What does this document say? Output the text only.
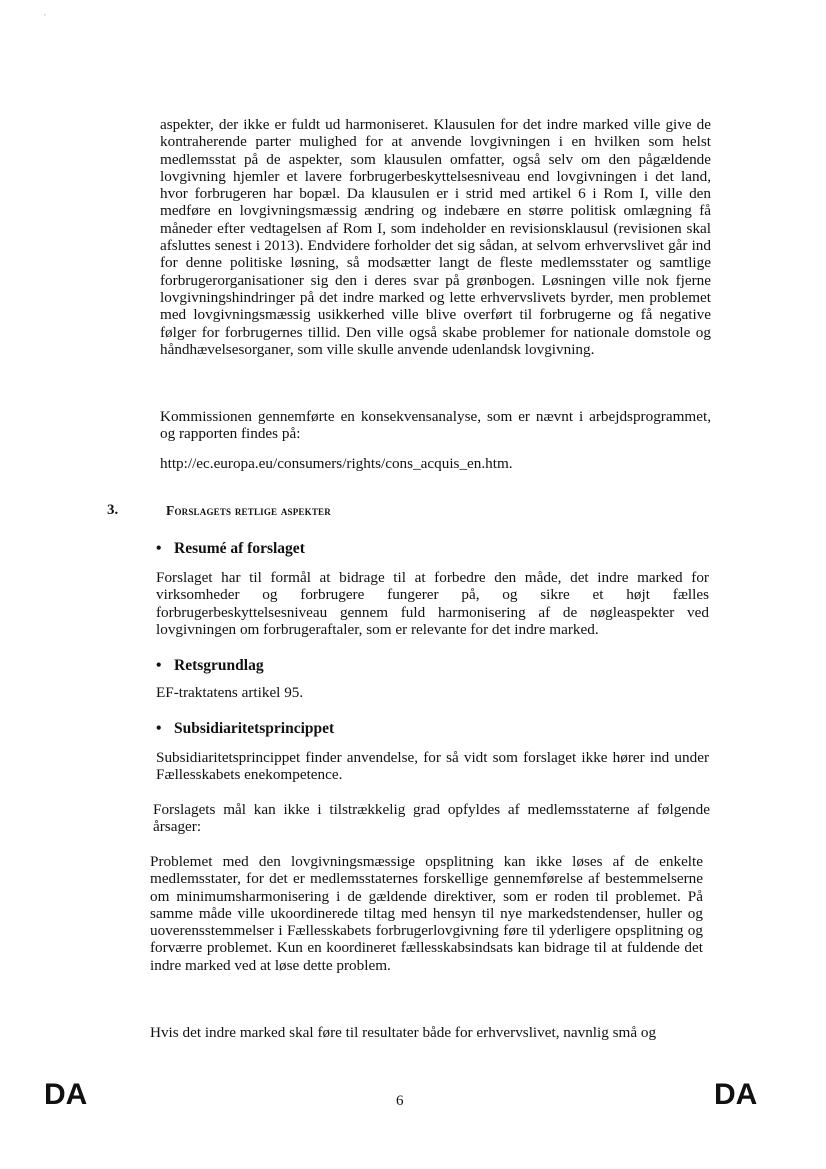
‘

aspekter, der ikke er fuldt ud harmoniseret. Klausulen for det indre marked ville give de kontraherende parter mulighed for at anvende lovgivningen i en hvilken som helst medlemsstat på de aspekter, som klausulen omfatter, også selv om den pågældende lovgivning hjemler et lavere forbrugerbeskyttelsesniveau end lovgivningen i det land, hvor forbrugeren har bopæl. Da klausulen er i strid med artikel 6 i Rom I, ville den medføre en lovgivningsmæssig ændring og indebære en større politisk omlægning få måneder efter vedtagelsen af Rom I, som indeholder en revisionsklausul (revisionen skal afsluttes senest i 2013). Endvidere forholder det sig sådan, at selvom erhvervslivet går ind for denne politiske løsning, så modsætter langt de fleste medlemsstater og samtlige forbrugerorganisationer sig den i deres svar på grønbogen. Løsningen ville nok fjerne lovgivningshindringer på det indre marked og lette erhvervslivets byrder, men problemet med lovgivningsmæssig usikkerhed ville blive overført til forbrugerne og få negative følger for forbrugernes tillid. Den ville også skabe problemer for nationale domstole og håndhævelsesorganer, som ville skulle anvende udenlandsk lovgivning.

Kommissionen gennemførte en konsekvensanalyse, som er nævnt i arbejdsprogrammet, og rapporten findes på:

http://ec.europa.eu/consumers/rights/cons_acquis_en.htm.
3.	Forslagets retlige aspekter
• Resumé af forslaget

Forslaget har til formål at bidrage til at forbedre den måde, det indre marked for virksomheder og forbrugere fungerer på, og sikre et højt fælles forbrugerbeskyttelsesniveau gennem fuld harmonisering af de nøgleaspekter ved lovgivningen om forbrugeraftaler, som er relevante for det indre marked.

• Retsgrundlag

EF-traktatens artikel 95.

• Subsidiaritetsprincippet

Subsidiaritetsprincippet finder anvendelse, for så vidt som forslaget ikke hører ind under Fællesskabets enekompetence.

Forslagets mål kan ikke i tilstrækkelig grad opfyldes af medlemsstaterne af følgende årsager:

Problemet med den lovgivningsmæssige opsplitning kan ikke løses af de enkelte medlemsstater, for det er medlemsstaternes forskellige gennemførelse af bestemmelserne om minimumsharmonisering i de gældende direktiver, som er roden til problemet. På samme måde ville ukoordinerede tiltag med hensyn til nye markedstendenser, huller og uoverensstemmelser i Fællesskabets forbrugerlovgivning føre til yderligere opsplitning og forværre problemet. Kun en koordineret fællesskabsindsats kan bidrage til at fuldende det indre marked ved at løse dette problem.

Hvis det indre marked skal føre til resultater både for erhvervslivet, navnlig små og

DA	6	DA
